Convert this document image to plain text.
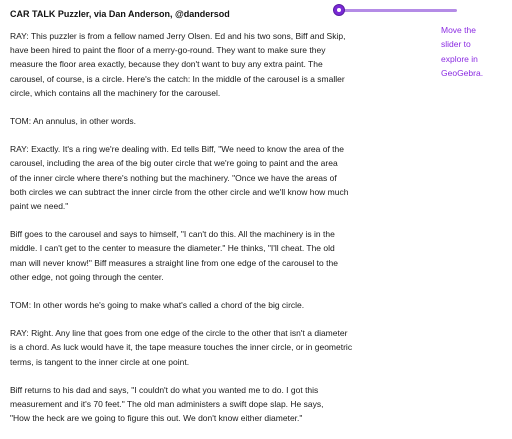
CAR TALK Puzzler, via Dan Anderson, @dandersod
Move the
slider to
explore in
GeoGebra.
RAY: This puzzler is from a fellow named Jerry Olsen. Ed and his two sons, Biff and Skip,
have been hired to paint the floor of a merry-go-round. They want to make sure they
measure the floor area exactly, because they don't want to buy any extra paint. The
carousel, of course, is a circle. Here's the catch: In the middle of the carousel is a smaller
circle, which contains all the machinery for the carousel.
TOM: An annulus, in other words.
RAY: Exactly. It's a ring we're dealing with. Ed tells Biff, "We need to know the area of the
carousel, including the area of the big outer circle that we're going to paint and the area
of the inner circle where there's nothing but the machinery. "Once we have the areas of
both circles we can subtract the inner circle from the other circle and we'll know how much
paint we need."
Biff goes to the carousel and says to himself, "I can't do this. All the machinery is in the
middle. I can't get to the center to measure the diameter." He thinks, "I'll cheat. The old
man will never know!" Biff measures a straight line from one edge of the carousel to the
other edge, not going through the center.
TOM: In other words he's going to make what's called a chord of the big circle.
RAY: Right. Any line that goes from one edge of the circle to the other that isn't a diameter
is a chord. As luck would have it, the tape measure touches the inner circle, or in geometric
terms, is tangent to the inner circle at one point.
Biff returns to his dad and says, "I couldn't do what you wanted me to do. I got this
measurement and it's 70 feet." The old man administers a swift dope slap. He says,
"How the heck are we going to figure this out. We don't know either diameter."
